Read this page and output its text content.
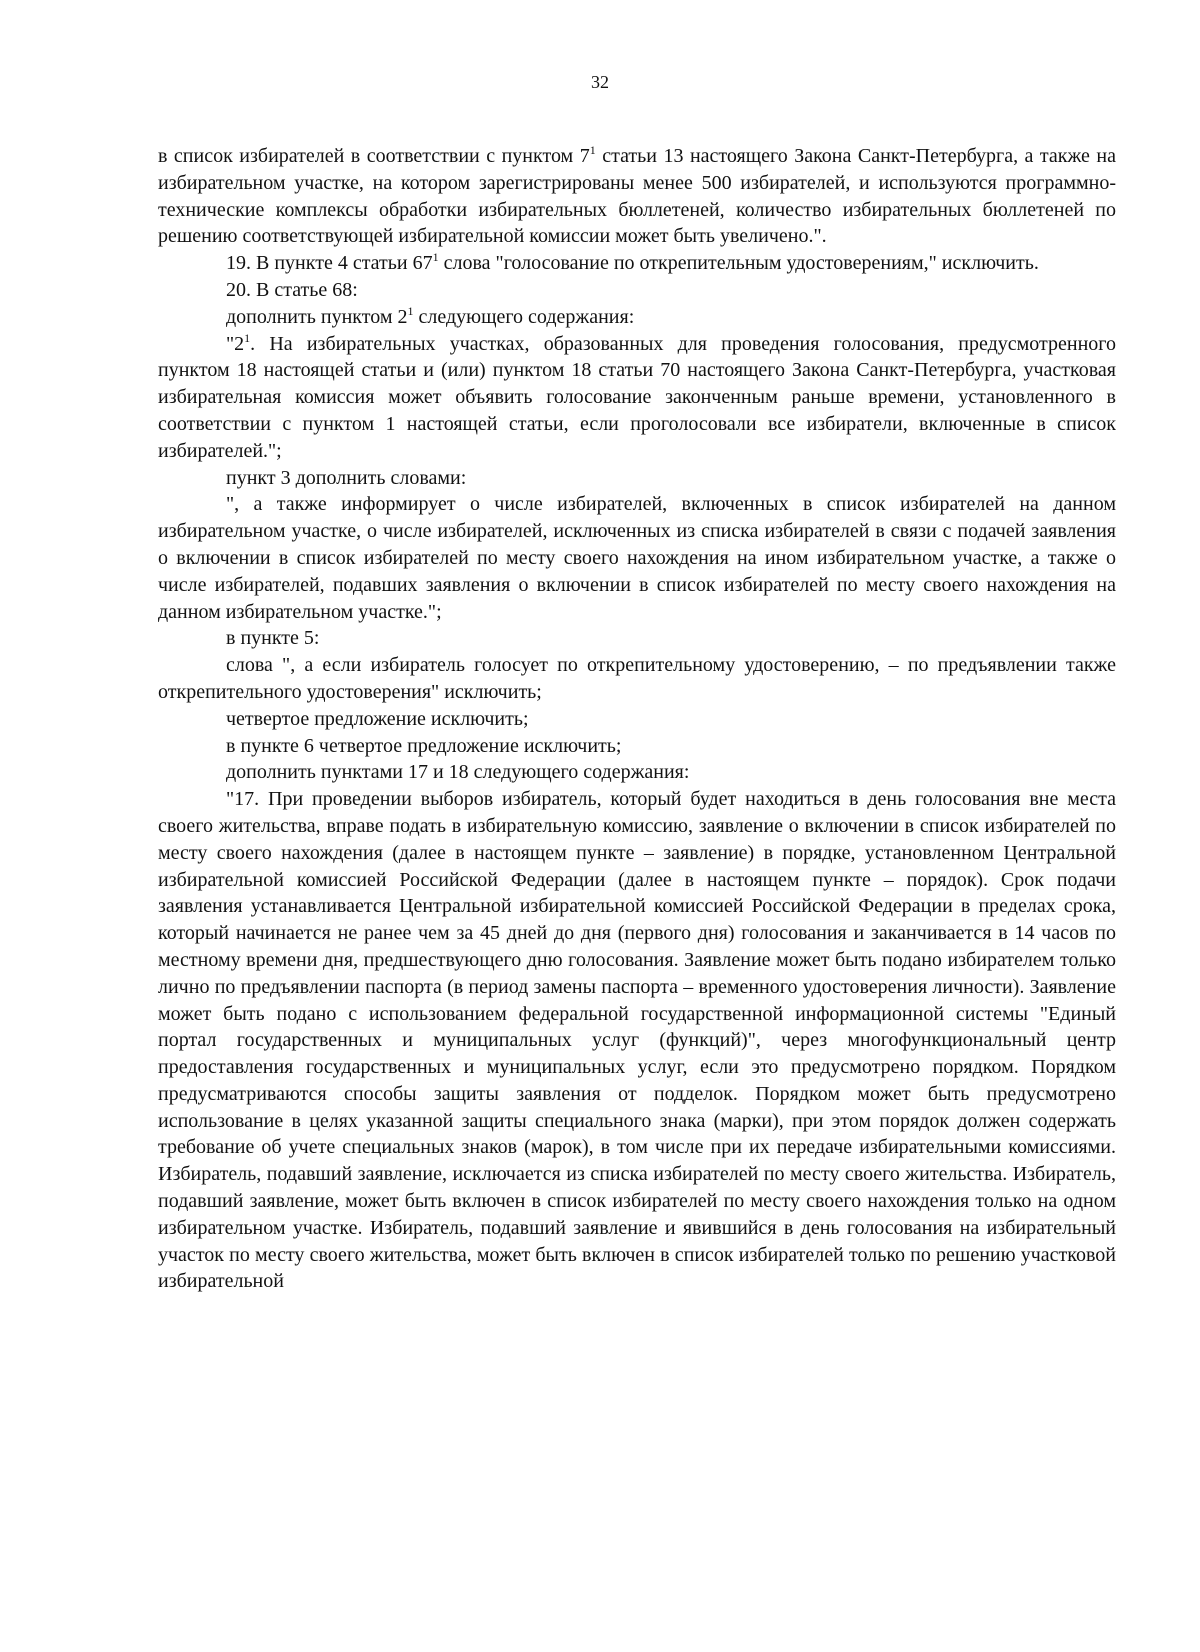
32

в список избирателей в соответствии с пунктом $7^1$ статьи 13 настоящего Закона Санкт-Петербурга, а также на избирательном участке, на котором зарегистрированы менее 500 избирателей, и используются программно-технические комплексы обработки избирательных бюллетеней, количество избирательных бюллетеней по решению соответствующей избирательной комиссии может быть увеличено.".

19. В пункте 4 статьи $67^1$ слова "голосование по открепительным удостоверениям," исключить.

20. В статье 68:

дополнить пунктом $2^1$ следующего содержания:

"$2^1$. На избирательных участках, образованных для проведения голосования, предусмотренного пунктом 18 настоящей статьи и (или) пунктом 18 статьи 70 настоящего Закона Санкт-Петербурга, участковая избирательная комиссия может объявить голосование законченным раньше времени, установленного в соответствии с пунктом 1 настоящей статьи, если проголосовали все избиратели, включенные в список избирателей.";

пункт 3 дополнить словами:

", а также информирует о числе избирателей, включенных в список избирателей на данном избирательном участке, о числе избирателей, исключенных из списка избирателей в связи с подачей заявления о включении в список избирателей по месту своего нахождения на ином избирательном участке, а также о числе избирателей, подавших заявления о включении в список избирателей по месту своего нахождения на данном избирательном участке.";

в пункте 5:

слова ", а если избиратель голосует по открепительному удостоверению, – по предъявлении также открепительного удостоверения" исключить;

четвертое предложение исключить;

в пункте 6 четвертое предложение исключить;

дополнить пунктами 17 и 18 следующего содержания:

"17. При проведении выборов избиратель, который будет находиться в день голосования вне места своего жительства, вправе подать в избирательную комиссию, заявление о включении в список избирателей по месту своего нахождения (далее в настоящем пункте – заявление) в порядке, установленном Центральной избирательной комиссией Российской Федерации (далее в настоящем пункте – порядок). Срок подачи заявления устанавливается Центральной избирательной комиссией Российской Федерации в пределах срока, который начинается не ранее чем за 45 дней до дня (первого дня) голосования и заканчивается в 14 часов по местному времени дня, предшествующего дню голосования. Заявление может быть подано избирателем только лично по предъявлении паспорта (в период замены паспорта – временного удостоверения личности). Заявление может быть подано с использованием федеральной государственной информационной системы "Единый портал государственных и муниципальных услуг (функций)", через многофункциональный центр предоставления государственных и муниципальных услуг, если это предусмотрено порядком. Порядком предусматриваются способы защиты заявления от подделок. Порядком может быть предусмотрено использование в целях указанной защиты специального знака (марки), при этом порядок должен содержать требование об учете специальных знаков (марок), в том числе при их передаче избирательными комиссиями. Избиратель, подавший заявление, исключается из списка избирателей по месту своего жительства. Избиратель, подавший заявление, может быть включен в список избирателей по месту своего нахождения только на одном избирательном участке. Избиратель, подавший заявление и явившийся в день голосования на избирательный участок по месту своего жительства, может быть включен в список избирателей только по решению участковой избирательной
